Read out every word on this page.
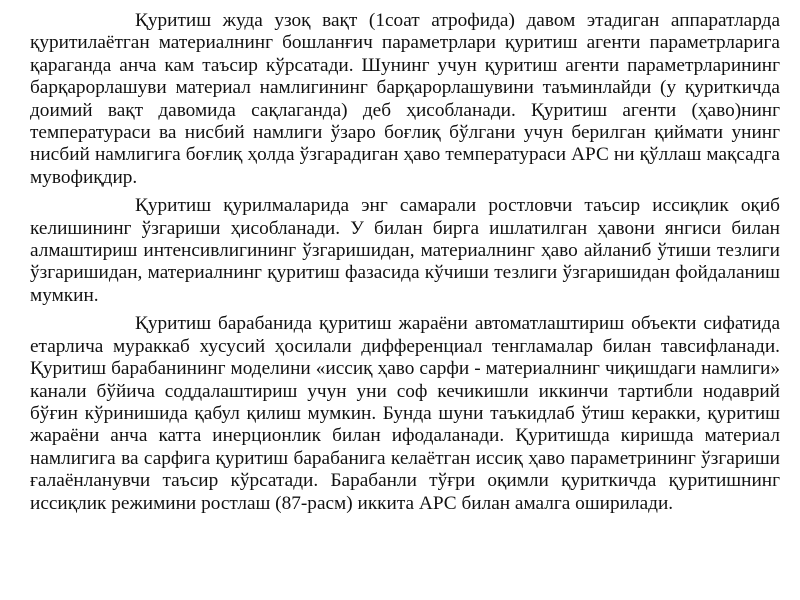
Қуритиш жуда узоқ вақт (1соат атрофида) давом этадиган аппаратларда қуритилаётган материалнинг бошланғич параметрлари қуритиш агенти параметрларига қараганда анча кам таъсир кўрсатади. Шунинг учун қуритиш агенти параметрларининг барқарорлашуви материал намлигининг барқарорлашувини таъминлайди (у қуриткичда доимий вақт давомида сақлаганда) деб ҳисобланади. Қуритиш агенти (ҳаво)нинг температураси ва нисбий намлиги ўзаро боғлиқ бўлгани учун берилган қиймати унинг нисбий намлигига боғлиқ ҳолда ўзгарадиган ҳаво температураси АРС ни қўллаш мақсадга мувофиқдир.

Қуритиш қурилмаларида энг самарали ростловчи таъсир иссиқлик оқиб келишининг ўзгариши ҳисобланади. У билан бирга ишлатилган ҳавони янгиси билан алмаштириш интенсивлигининг ўзгаришидан, материалнинг ҳаво айланиб ўтиши тезлиги ўзгаришидан, материалнинг қуритиш фазасида кўчиши тезлиги ўзгаришидан фойдаланиш мумкин.

Қуритиш барабанида қуритиш жараёни автоматлаштириш объекти сифатида етарлича мураккаб хусусий ҳосилали дифференциал тенгламалар билан тавсифланади. Қуритиш барабанининг моделини «иссиқ ҳаво сарфи - материалнинг чиқишдаги намлиги» канали бўйича соддалаштириш учун уни соф кечикишли иккинчи тартибли нодаврий бўғин кўринишида қабул қилиш мумкин. Бунда шуни таъкидлаб ўтиш керакки, қуритиш жараёни анча катта инерционлик билан ифодаланади. Қуритишда киришда материал намлигига ва сарфига қуритиш барабанига келаётган иссиқ ҳаво параметрининг ўзгариши ғалаёнланувчи таъсир кўрсатади. Барабанли тўғри оқимли қуриткичда қуритишнинг иссиқлик режимини ростлаш (87-расм) иккита АРС билан амалга оширилади.
